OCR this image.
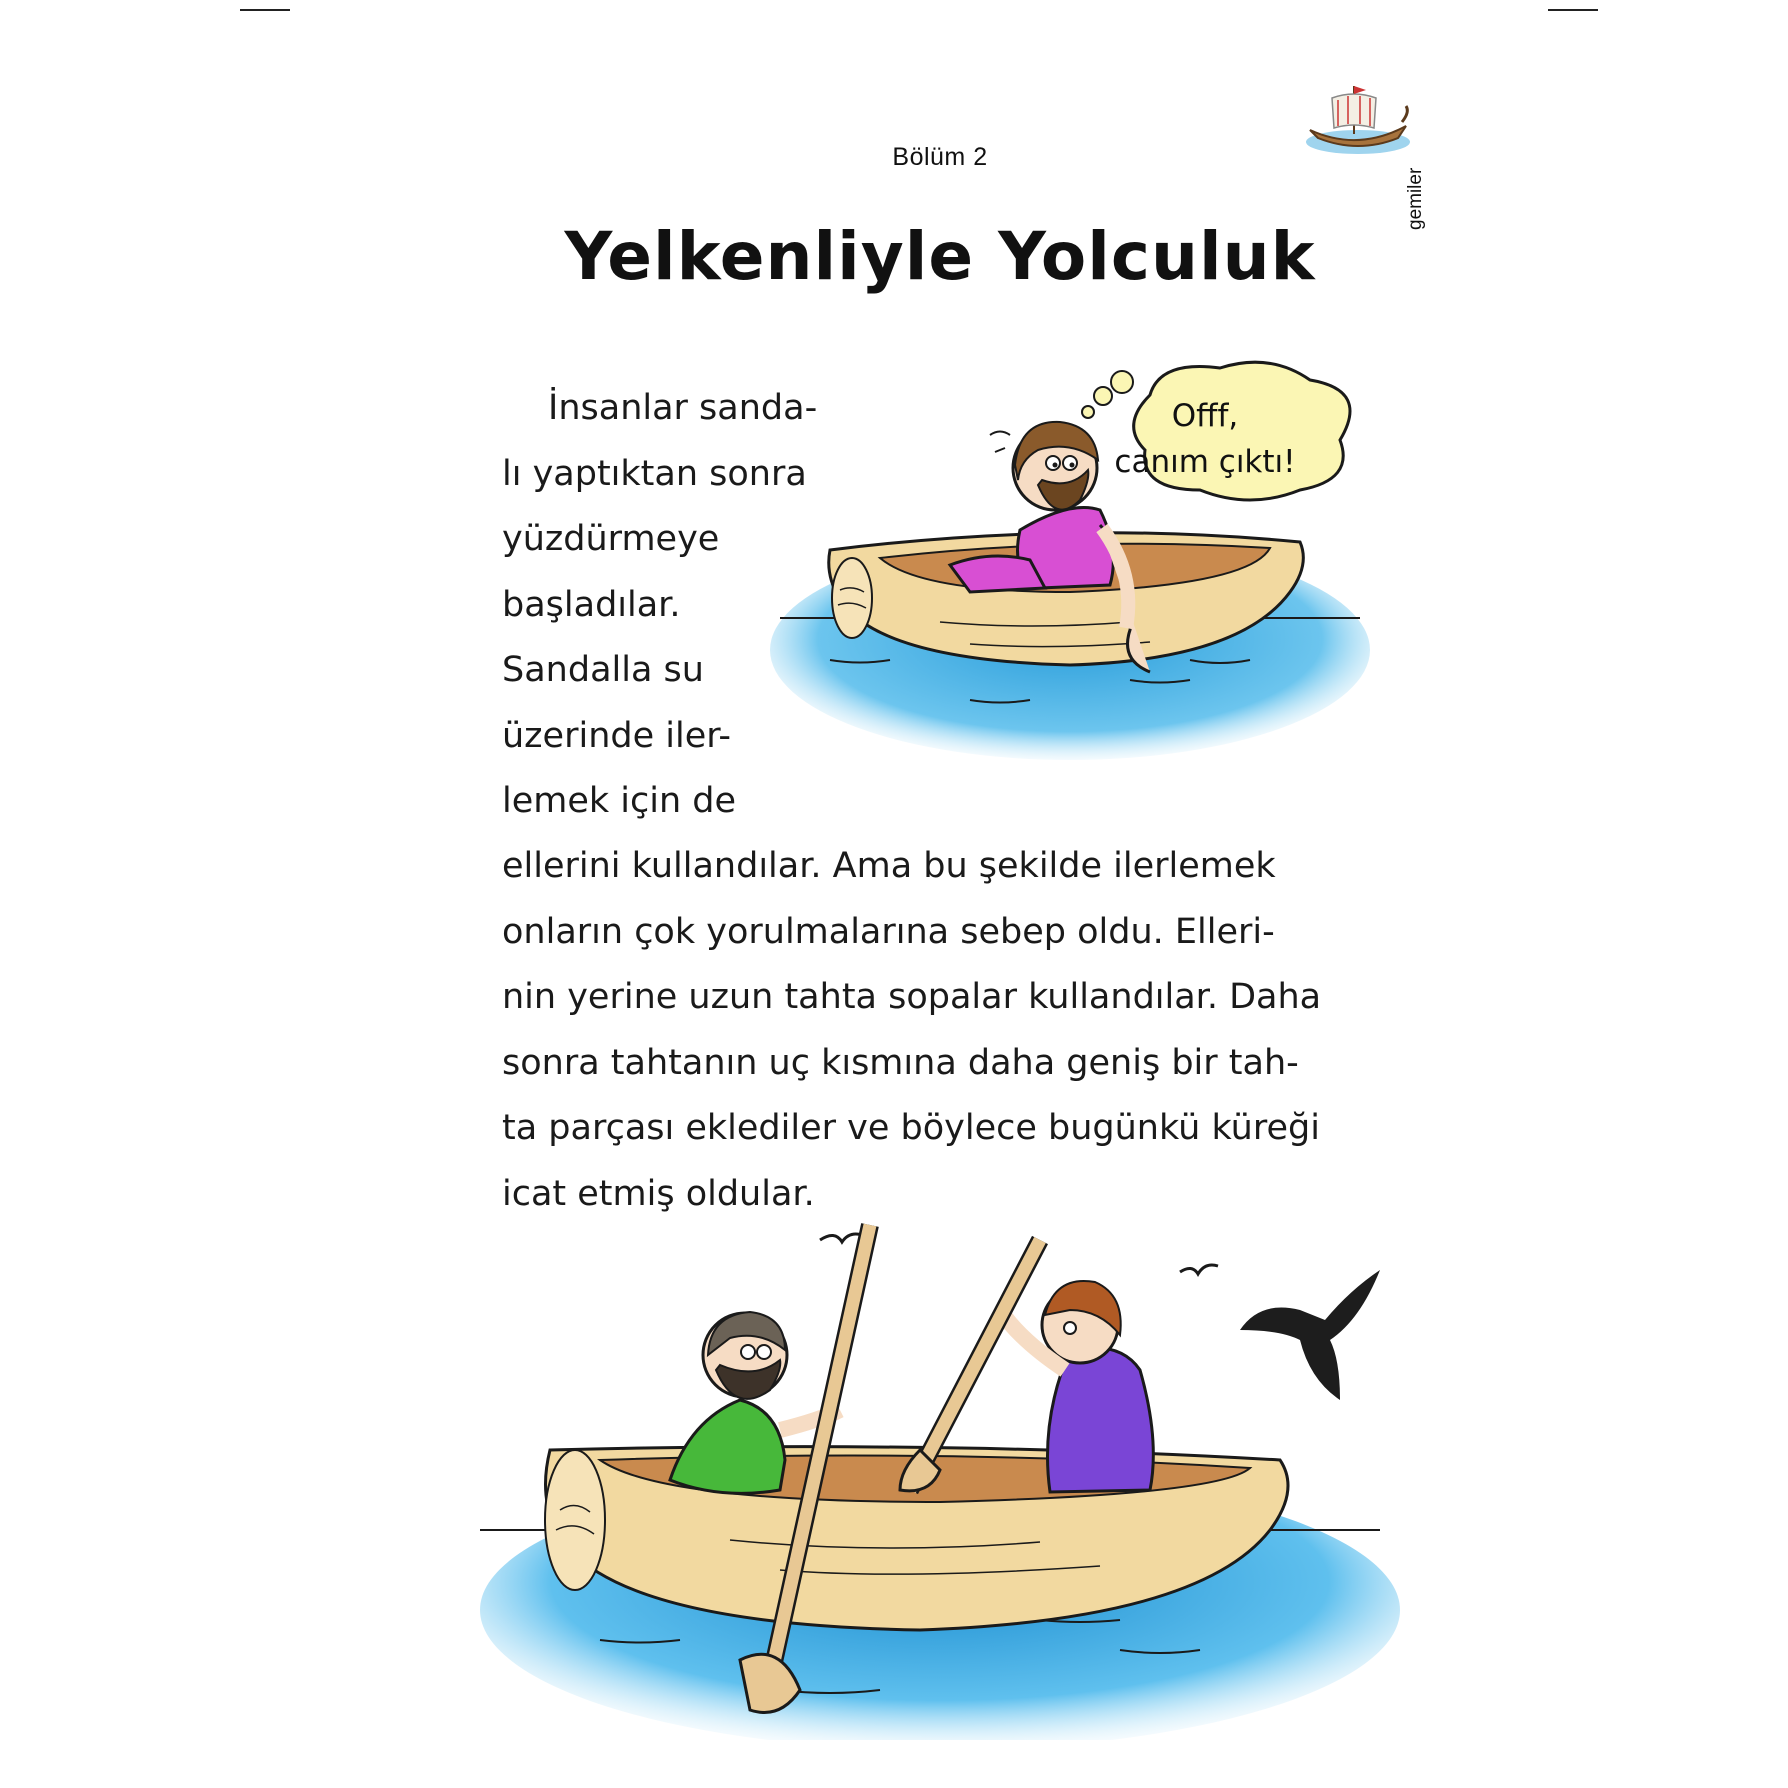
gemiler
Bölüm 2
Yelkenliyle Yolculuk
İnsanlar sanda-
lı yaptıktan sonra
yüzdürmeye
başladılar.
Sandalla su
üzerinde iler-
lemek için de
ellerini kullandılar. Ama bu şekilde ilerlemek
onların çok yorulmalarına sebep oldu. Elleri-
nin yerine uzun tahta sopalar kullandılar. Daha
sonra tahtanın uç kısmına daha geniş bir tah-
ta parçası eklediler ve böylece bugünkü küreği
icat etmiş oldular.
Offf,
canım çıktı!
